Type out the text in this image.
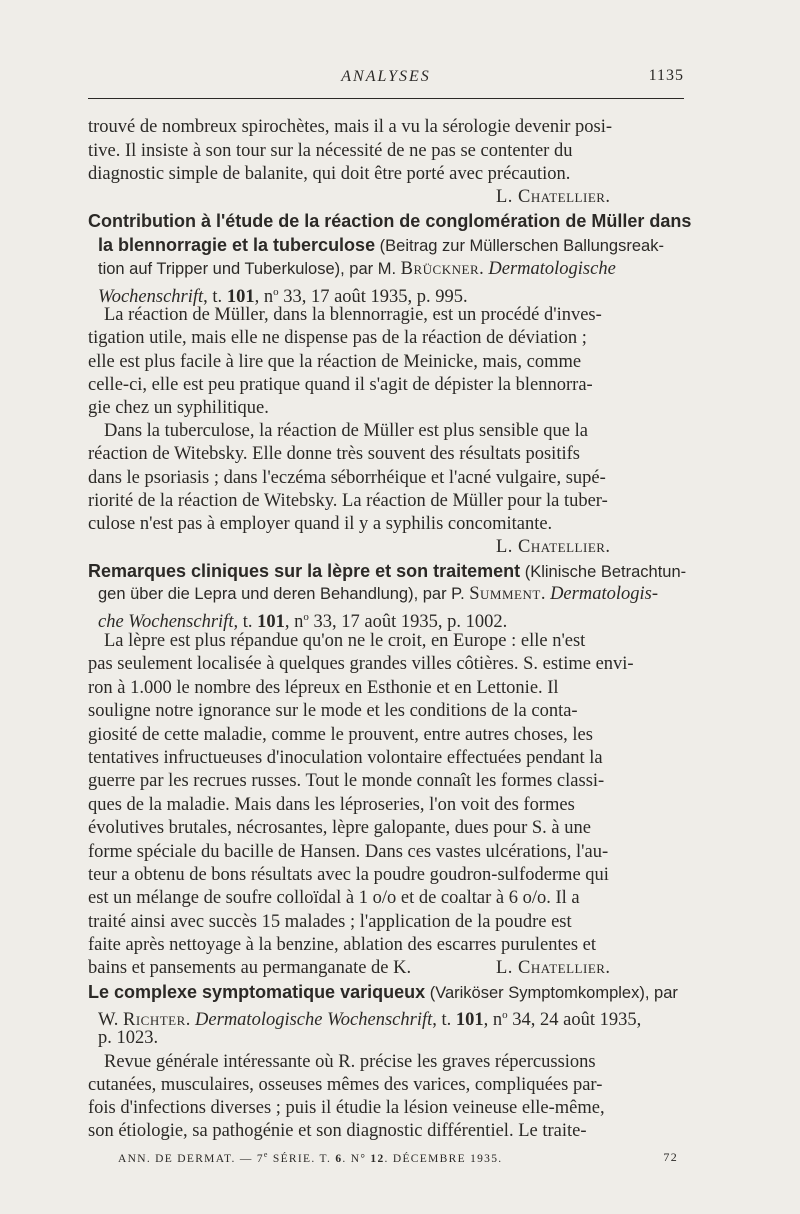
ANALYSES	1135
trouvé de nombreux spirochètes, mais il a vu la sérologie devenir posi-
tive. Il insiste à son tour sur la nécessité de ne pas se contenter du
diagnostic simple de balanite, qui doit être porté avec précaution.
L. Chatellier.
Contribution à l'étude de la réaction de conglomération de Müller dans
la blennorragie et la tuberculose (Beitrag zur Müllerschen Ballungsreak-
tion auf Tripper und Tuberkulose), par M. Brückner. Dermatologische
Wochenschrift, t. 101, $n^o$ 33, 17 août 1935, p. 995.
La réaction de Müller, dans la blennorragie, est un procédé d'inves-
tigation utile, mais elle ne dispense pas de la réaction de déviation ;
elle est plus facile à lire que la réaction de Meinicke, mais, comme
celle-ci, elle est peu pratique quand il s'agit de dépister la blennorra-
gie chez un syphilitique.
Dans la tuberculose, la réaction de Müller est plus sensible que la
réaction de Witebsky. Elle donne très souvent des résultats positifs
dans le psoriasis ; dans l'eczéma séborrhéique et l'acné vulgaire, supé-
riorité de la réaction de Witebsky. La réaction de Müller pour la tuber-
culose n'est pas à employer quand il y a syphilis concomitante.
L. Chatellier.
Remarques cliniques sur la lèpre et son traitement (Klinische Betrachtun-
gen über die Lepra und deren Behandlung), par P. Summent. Dermatologis-
che Wochenschrift, t. 101, $n^o$ 33, 17 août 1935, p. 1002.
La lèpre est plus répandue qu'on ne le croit, en Europe : elle n'est
pas seulement localisée à quelques grandes villes côtières. S. estime envi-
ron à 1.000 le nombre des lépreux en Esthonie et en Lettonie. Il
souligne notre ignorance sur le mode et les conditions de la conta-
giosité de cette maladie, comme le prouvent, entre autres choses, les
tentatives infructueuses d'inoculation volontaire effectuées pendant la
guerre par les recrues russes. Tout le monde connaît les formes classi-
ques de la maladie. Mais dans les léproseries, l'on voit des formes
évolutives brutales, nécrosantes, lèpre galopante, dues pour S. à une
forme spéciale du bacille de Hansen. Dans ces vastes ulcérations, l'au-
teur a obtenu de bons résultats avec la poudre goudron-sulfoderme qui
est un mélange de soufre colloïdal à 1 o/o et de coaltar à 6 o/o. Il a
traité ainsi avec succès 15 malades ; l'application de la poudre est
faite après nettoyage à la benzine, ablation des escarres purulentes et
bains et pansements au permanganate de K.	L. Chatellier.
Le complexe symptomatique variqueux (Variköser Symptomkomplex), par
W. Richter. Dermatologische Wochenschrift, t. 101, $n^o$ 34, 24 août 1935,
p. 1023.
Revue générale intéressante où R. précise les graves répercussions
cutanées, musculaires, osseuses mêmes des varices, compliquées par-
fois d'infections diverses ; puis il étudie la lésion veineuse elle-même,
son étiologie, sa pathogénie et son diagnostic différentiel. Le traite-
ANN. DE DERMAT. — 7e SÉRIE. T. 6. N° 12. DÉCEMBRE 1935.	72
